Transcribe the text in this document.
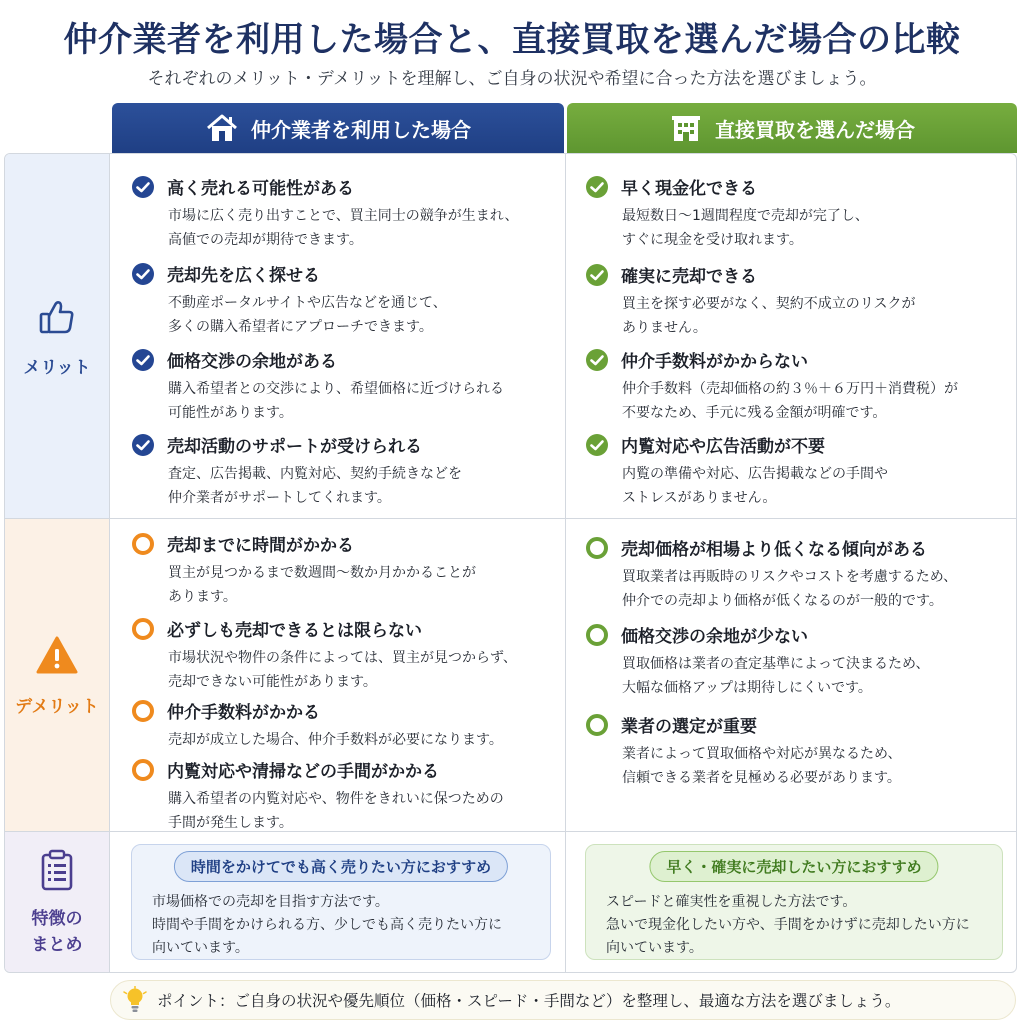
仲介業者を利用した場合と、直接買取を選んだ場合の比較
それぞれのメリット・デメリットを理解し、ご自身の状況や希望に合った方法を選びましょう。
仲介業者を利用した場合	直接買取を選んだ場合
メリット
デメリット
特徴の
まとめ
高く売れる可能性がある
市場に広く売り出すことで、買主同士の競争が生まれ、
高値での売却が期待できます。
売却先を広く探せる
不動産ポータルサイトや広告などを通じて、
多くの購入希望者にアプローチできます。
価格交渉の余地がある
購入希望者との交渉により、希望価格に近づけられる
可能性があります。
売却活動のサポートが受けられる
査定、広告掲載、内覧対応、契約手続きなどを
仲介業者がサポートしてくれます。
早く現金化できる
最短数日〜1週間程度で売却が完了し、
すぐに現金を受け取れます。
確実に売却できる
買主を探す必要がなく、契約不成立のリスクが
ありません。
仲介手数料がかからない
仲介手数料（売却価格の約３％＋６万円＋消費税）が
不要なため、手元に残る金額が明確です。
内覧対応や広告活動が不要
内覧の準備や対応、広告掲載などの手間や
ストレスがありません。
売却までに時間がかかる
買主が見つかるまで数週間〜数か月かかることが
あります。
必ずしも売却できるとは限らない
市場状況や物件の条件によっては、買主が見つからず、
売却できない可能性があります。
仲介手数料がかかる
売却が成立した場合、仲介手数料が必要になります。
内覧対応や清掃などの手間がかかる
購入希望者の内覧対応や、物件をきれいに保つための
手間が発生します。
売却価格が相場より低くなる傾向がある
買取業者は再販時のリスクやコストを考慮するため、
仲介での売却より価格が低くなるのが一般的です。
価格交渉の余地が少ない
買取価格は業者の査定基準によって決まるため、
大幅な価格アップは期待しにくいです。
業者の選定が重要
業者によって買取価格や対応が異なるため、
信頼できる業者を見極める必要があります。
時間をかけてでも高く売りたい方におすすめ
市場価格での売却を目指す方法です。
時間や手間をかけられる方、少しでも高く売りたい方に
向いています。
早く・確実に売却したい方におすすめ
スピードと確実性を重視した方法です。
急いで現金化したい方や、手間をかけずに売却したい方に
向いています。
ポイント：ご自身の状況や優先順位（価格・スピード・手間など）を整理し、最適な方法を選びましょう。
